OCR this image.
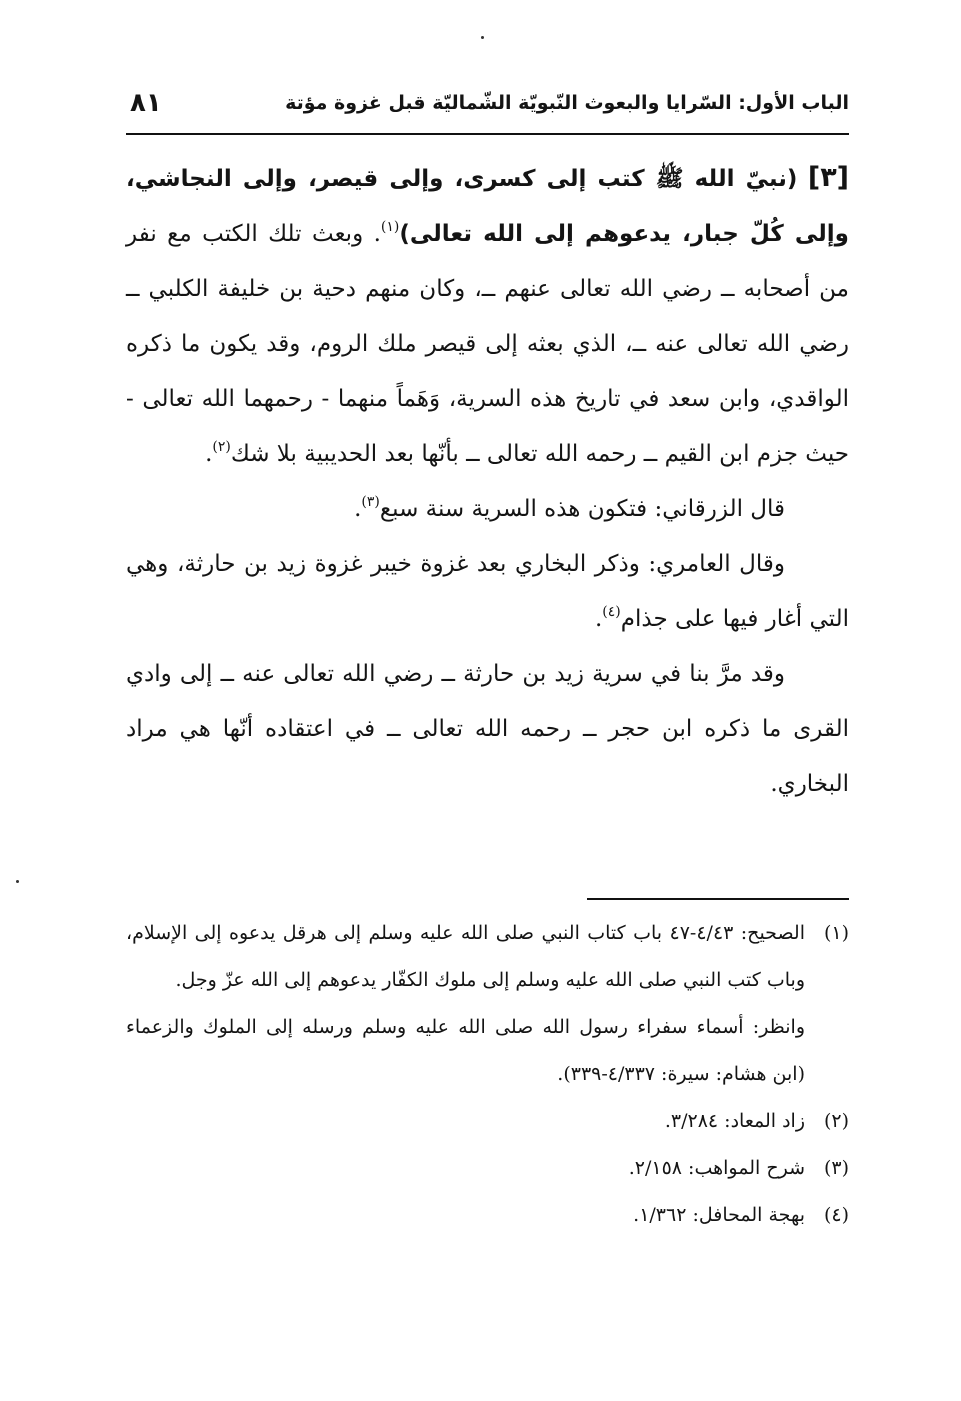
الباب الأول: السّرايا والبعوث النّبويّة الشّماليّة قبل غزوة مؤتة
٨١

[٣] (نبيّ الله ﷺ كتب إلى كسرى، وإلى قيصر، وإلى النجاشي، وإلى كُلّ جبار، يدعوهم إلى الله تعالى)$^{(١)}$. وبعث تلك الكتب مع نفر من أصحابه ــ رضي الله تعالى عنهم ــ، وكان منهم دحية بن خليفة الكلبي ــ رضي الله تعالى عنه ــ، الذي بعثه إلى قيصر ملك الروم، وقد يكون ما ذكره الواقدي، وابن سعد في تاريخ هذه السرية، وَهَماً منهما - رحمهما الله تعالى - حيث جزم ابن القيم ــ رحمه الله تعالى ــ بأنّها بعد الحديبية بلا شك$^{(٢)}$.

قال الزرقاني: فتكون هذه السرية سنة سبع$^{(٣)}$.

وقال العامري: وذكر البخاري بعد غزوة خيبر غزوة زيد بن حارثة، وهي التي أغار فيها على جذام$^{(٤)}$.

وقد مرَّ بنا في سرية زيد بن حارثة ــ رضي الله تعالى عنه ــ إلى وادي القرى ما ذكره ابن حجر ــ رحمه الله تعالى ــ في اعتقاده أنّها هي مراد البخاري.

(١)
الصحيح: ٤/٤٣-٤٧ باب كتاب النبي صلى الله عليه وسلم إلى هرقل يدعوه إلى الإسلام، وباب كتب النبي صلى الله عليه وسلم إلى ملوك الكفّار يدعوهم إلى الله عزّ وجل.
وانظر: أسماء سفراء رسول الله صلى الله عليه وسلم ورسله إلى الملوك والزعماء (ابن هشام: سيرة: ٤/٣٣٧-٣٣٩).
(٢)
زاد المعاد: ٣/٢٨٤.
(٣)
شرح المواهب: ٢/١٥٨.
(٤)
بهجة المحافل: ١/٣٦٢.
